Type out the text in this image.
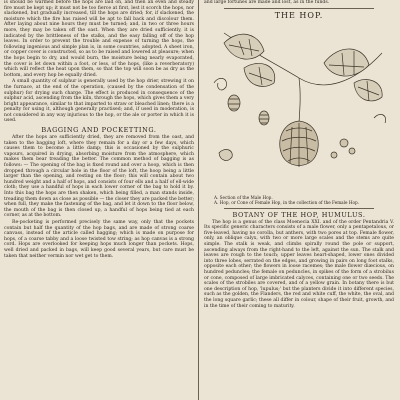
is should be warmed before the hops are laid on, and then an even and steady fire must be kept up; it must not be too fierce at first, lest it scorch the hops, nor slackened, but gradually increased, till the hops are dried; for, if slackened, the moisture which the fire has raised will be apt to fall back and discolour them. After laying about nine hours they must be turned; and, in two or three hours more, they may be taken off the oast. When they are dried sufficiently, it is indicated by the brittleness of the stalks, and the easy falling off of the hop leaves. In order to prevent the trouble and expense of turning the hops, the following ingenious and simple plan is, in some countries, adopted. A sheet iron, or copper cover is constructed, so as to be raised and lowered at pleasure; when the hops begin to dry, and would burn, the moisture being nearly evaporated, the cover is let down within a foot, or less, of the hops, (like a reverberatory) which will reflect the heat upon them, so that the top will soon be as dry as the bottom, and every hop be equally dried.

A small quantity of sulphur is generally used by the hop drier, strewing it on the furnace, at the end of the operation, (caused by the condensation of the sulphur) for drying such charge. The effect is produced in consequence of the sulphur acid, ascending from the kiln, through the hops, which gives them a very bright appearance, similar to that imparted to straw or bleached linen; there is a penalty for using it, although generally practised; and, if used in moderation, is not considered in any way injurious to the hop, or the ale or porter in which it is used.

BAGGING AND POCKETTING.

After the hops are sufficiently dried, they are removed from the oast, and taken to the bagging loft, where they remain for a day or a few days, which causes them to become a little damp; this is occasioned by the sulphuric vapours, acquired in drying, absorbing moisture from the atmosphere, which makes them bear treading the better. The common method of bagging is as follows: — The opening of the bag is fixed round and over a hoop, which is then dropped through a circular hole in the floor of the loft, the hoop being a little larger than the opening, and resting on the floor; this will contain about two hundred weight and a half of hops, and consists of four ells and a half of ell-wide cloth; they use a handful of hops in each lower corner of the bag to hold it by. Into this bag the hops are then shaken, which being filled, a man stands inside, treading them down as close as possible — the closer they are packed the better; when full, they make the fastening of the bag, and let it down to the floor below, the mouth of the bag is then closed up, a handful of hops being tied at each corner, as at the bottom.

Re-pocketing is performed precisely the same way, only that the pockets contain but half the quantity of the hop bags, and are made of strong coarse canvass, instead of the article called hagging; which is made on purpose for hops, of a coarse tabby and a loose twisted tow string; as hop canvas is a strong cord. Hops are overlooked for keeping hops much longer than pockets. Hops, well dried and packed in bags, will keep good several years, but care must be taken that neither vermin nor wet get to them.

and large fortunes are made and lost, as in the funds.

THE HOP.
A. Section of the Male Hop.
A. Hop, or Cone of Female Hop, in the collection of the Female Hop.
BOTANY OF THE HOP, HUMULUS.

The hop is a genus of the class Moenecia XXI. and of the order Pentandria V. Its specific generic characters consists of a male flower, only a pentapetalous, or five-leaved, having no corolla, but anthers, with two pores at top. Female flower, only, an oblique calyx, with two or more large scales and the stems are quite simple. The stalk is weak, and climbs spirally round the pole or support, ascending always from the right-hand to the left, against the sun. The stalk and leaves are rough to the touch; upper leaves heart-shaped, lower ones divided into three lobes, serrated on the edges, and growing in pairs on long foot stalks, opposite each other; the flowers in loose racemes; the male flower diæcious, on hundred peduncles; the female on peduncles, in spikes of the form of a strobilus or cone, composed of large imbricated calyces, containing one or two seeds. The scales of the strobiles are covered, and of a yellow grain. In botany there is but one description of hop, 'lupulus;' but the planters divide it into different species, such as the golden, the Flanders, the red and white cuff, the white, the oval, and the long square garlic; these all differ in colour, shape of their fruit, growth, and in the time of their coming to maturity.
